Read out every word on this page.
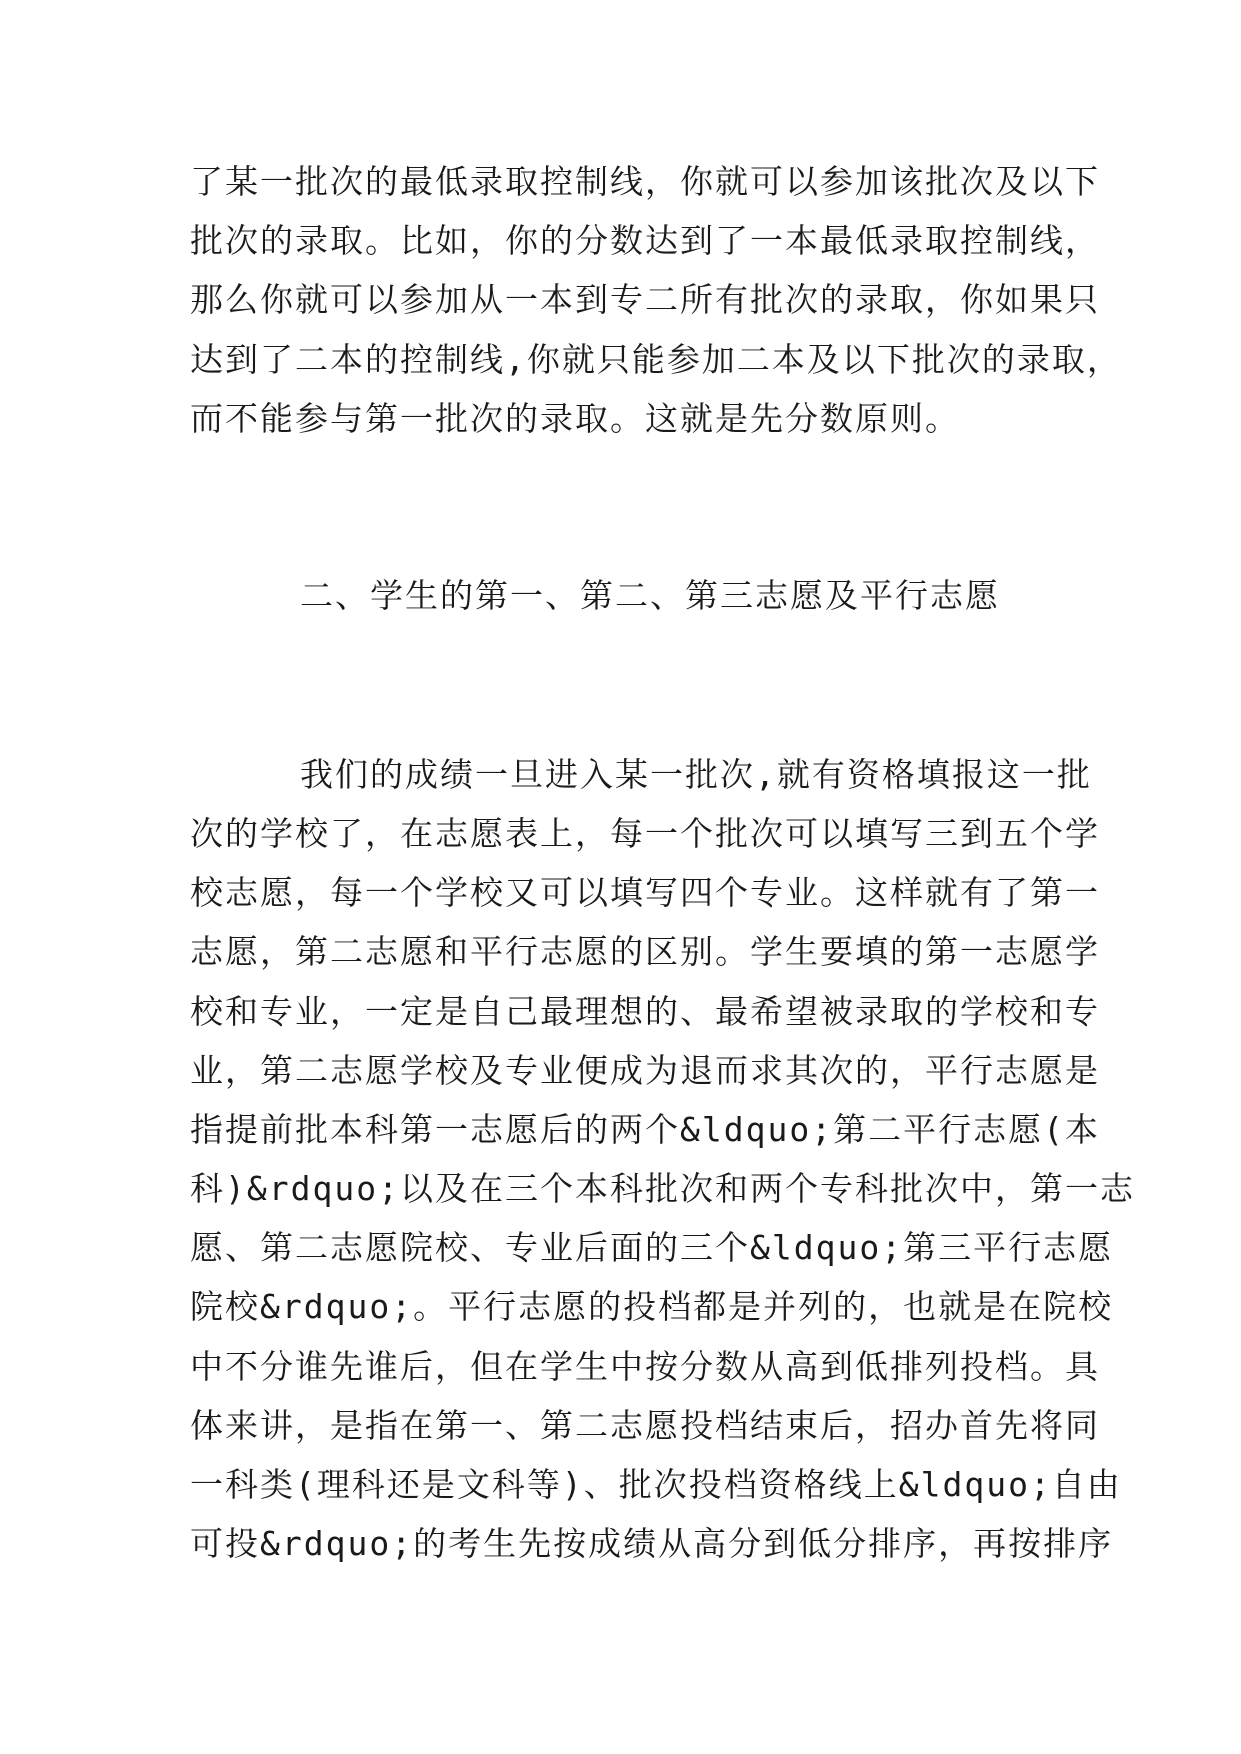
了某一批次的最低录取控制线，你就可以参加该批次及以下
批次的录取。比如，你的分数达到了一本最低录取控制线，
那么你就可以参加从一本到专二所有批次的录取，你如果只
达到了二本的控制线,你就只能参加二本及以下批次的录取，
而不能参与第一批次的录取。这就是先分数原则。
二、学生的第一、第二、第三志愿及平行志愿
我们的成绩一旦进入某一批次,就有资格填报这一批
次的学校了，在志愿表上，每一个批次可以填写三到五个学
校志愿，每一个学校又可以填写四个专业。这样就有了第一
志愿，第二志愿和平行志愿的区别。学生要填的第一志愿学
校和专业，一定是自己最理想的、最希望被录取的学校和专
业，第二志愿学校及专业便成为退而求其次的，平行志愿是
指提前批本科第一志愿后的两个&ldquo;第二平行志愿(本
科)&rdquo;以及在三个本科批次和两个专科批次中，第一志
愿、第二志愿院校、专业后面的三个&ldquo;第三平行志愿
院校&rdquo;。平行志愿的投档都是并列的，也就是在院校
中不分谁先谁后，但在学生中按分数从高到低排列投档。具
体来讲，是指在第一、第二志愿投档结束后，招办首先将同
一科类(理科还是文科等)、批次投档资格线上&ldquo;自由
可投&rdquo;的考生先按成绩从高分到低分排序，再按排序
